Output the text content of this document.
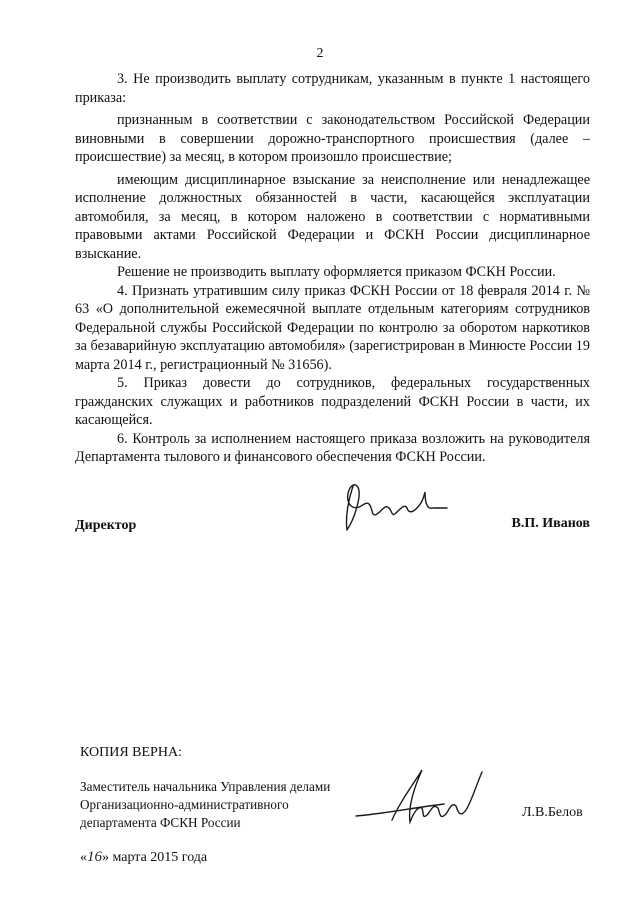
2

3. Не производить выплату сотрудникам, указанным в пункте 1 настоящего приказа:

признанным в соответствии с законодательством Российской Федерации виновными в совершении дорожно-транспортного происшествия (далее – происшествие) за месяц, в котором произошло происшествие;

имеющим дисциплинарное взыскание за неисполнение или ненадлежащее исполнение должностных обязанностей в части, касающейся эксплуатации автомобиля, за месяц, в котором наложено в соответствии с нормативными правовыми актами Российской Федерации и ФСКН России дисциплинарное взыскание.

Решение не производить выплату оформляется приказом ФСКН России.

4. Признать утратившим силу приказ ФСКН России от 18 февраля 2014 г. № 63 «О дополнительной ежемесячной выплате отдельным категориям сотрудников Федеральной службы Российской Федерации по контролю за оборотом наркотиков за безаварийную эксплуатацию автомобиля» (зарегистрирован в Минюсте России 19 марта 2014 г., регистрационный № 31656).

5. Приказ довести до сотрудников, федеральных государственных гражданских служащих и работников подразделений ФСКН России в части, их касающейся.

6. Контроль за исполнением настоящего приказа возложить на руководителя Департамента тылового и финансового обеспечения ФСКН России.

Директор	В.П. Иванов
КОПИЯ ВЕРНА:
Заместитель начальника Управления делами
Организационно-административного
департамента ФСКН России
Л.В.Белов
«16» марта 2015 года
